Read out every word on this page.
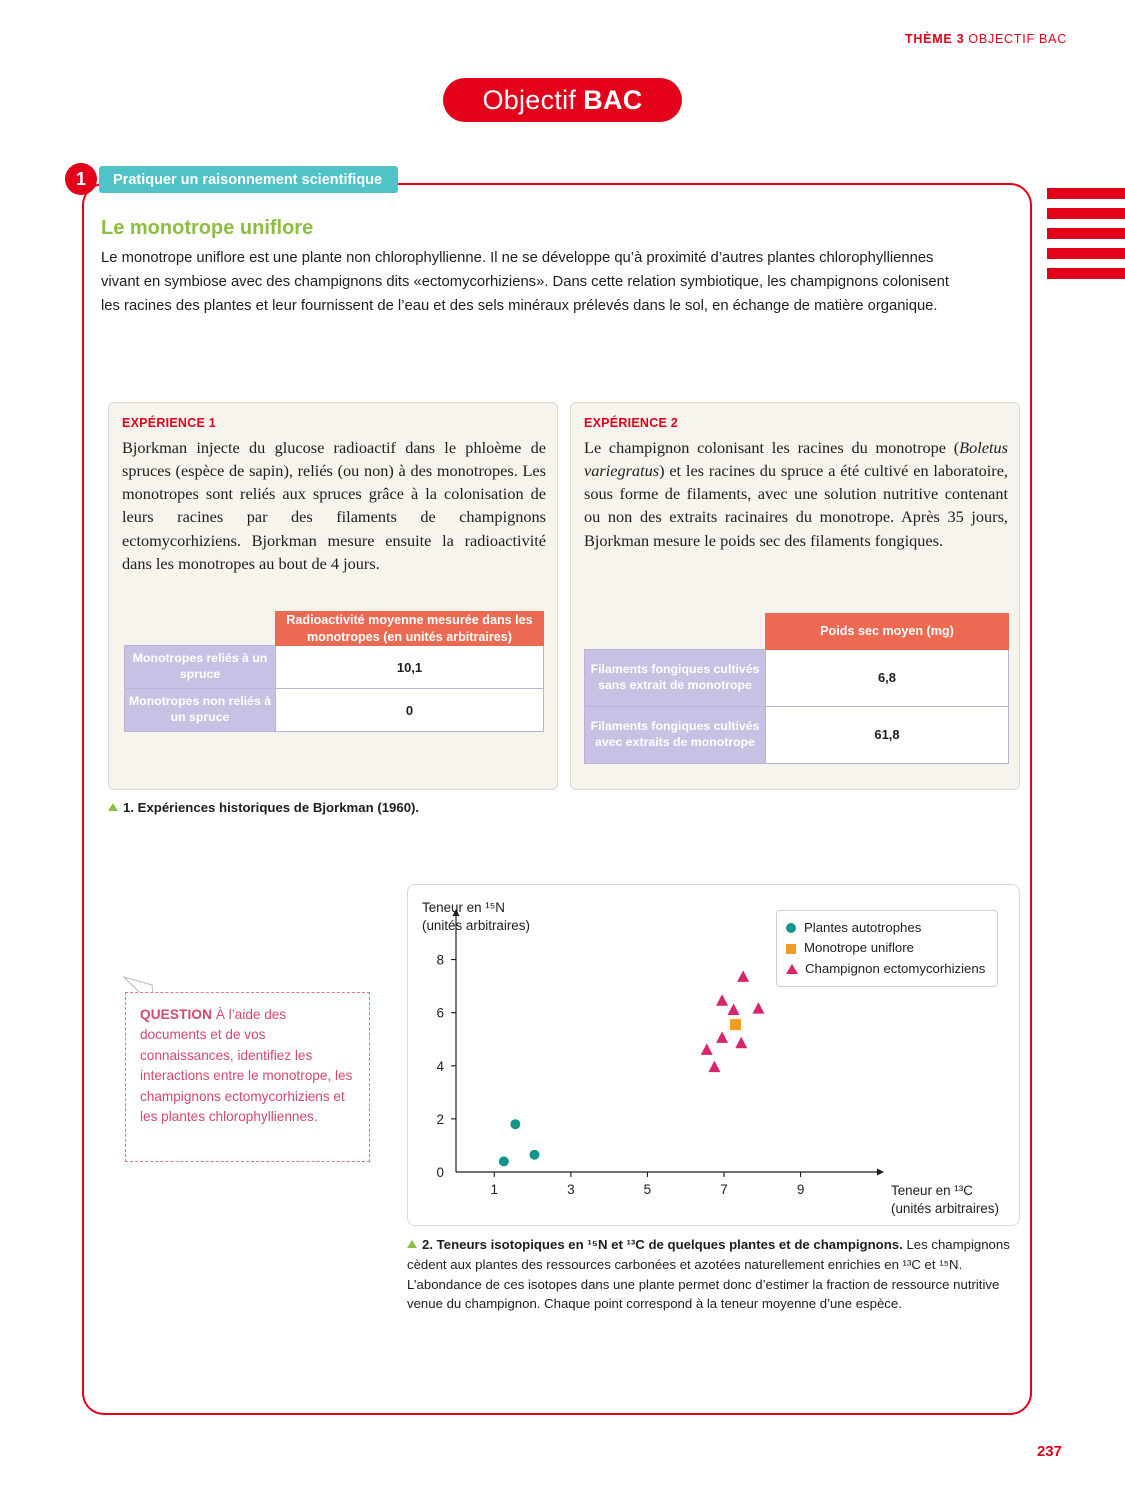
THÈME 3 OBJECTIF BAC
Objectif BAC
1	Pratiquer un raisonnement scientifique
Le monotrope uniflore
Le monotrope uniflore est une plante non chlorophyllienne. Il ne se développe qu’à proximité d’autres plantes chlorophylliennes vivant en symbiose avec des champignons dits «ectomycorhiziens». Dans cette relation symbiotique, les champignons colonisent les racines des plantes et leur fournissent de l’eau et des sels minéraux prélevés dans le sol, en échange de matière organique.
EXPÉRIENCE 1
Bjorkman injecte du glucose radioactif dans le phloème de spruces (espèce de sapin), reliés (ou non) à des monotropes. Les monotropes sont reliés aux spruces grâce à la colonisation de leurs racines par des filaments de champignons ectomycorhiziens. Bjorkman mesure ensuite la radioactivité dans les monotropes au bout de 4 jours.
	Radioactivité moyenne mesurée dans les monotropes (en unités arbitraires)
Monotropes reliés à un spruce	10,1
Monotropes non reliés à un spruce	0
EXPÉRIENCE 2
Le champignon colonisant les racines du monotrope (Boletus variegratus) et les racines du spruce a été cultivé en laboratoire, sous forme de filaments, avec une solution nutritive contenant ou non des extraits racinaires du monotrope. Après 35 jours, Bjorkman mesure le poids sec des filaments fongiques.
	Poids sec moyen (mg)
Filaments fongiques cultivés sans extrait de monotrope	6,8
Filaments fongiques cultivés avec extraits de monotrope	61,8
1. Expériences historiques de Bjorkman (1960).
QUESTION À l’aide des documents et de vos connaissances, identifiez les interactions entre le monotrope, les champignons ectomycorhiziens et les plantes chlorophylliennes.
Teneur en ¹⁵N
(unités arbitraires)
Teneur en ¹³C
(unités arbitraires)
Plantes autotrophes
Monotrope uniflore
Champignon ectomycorhiziens
0
2
4
6
8
1	3	5	7	9
2. Teneurs isotopiques en ¹⁵N et ¹³C de quelques plantes et de champignons. Les champignons cèdent aux plantes des ressources carbonées et azotées naturellement enrichies en ¹³C et ¹⁵N. L’abondance de ces isotopes dans une plante permet donc d’estimer la fraction de ressource nutritive venue du champignon. Chaque point correspond à la teneur moyenne d’une espèce.
237
